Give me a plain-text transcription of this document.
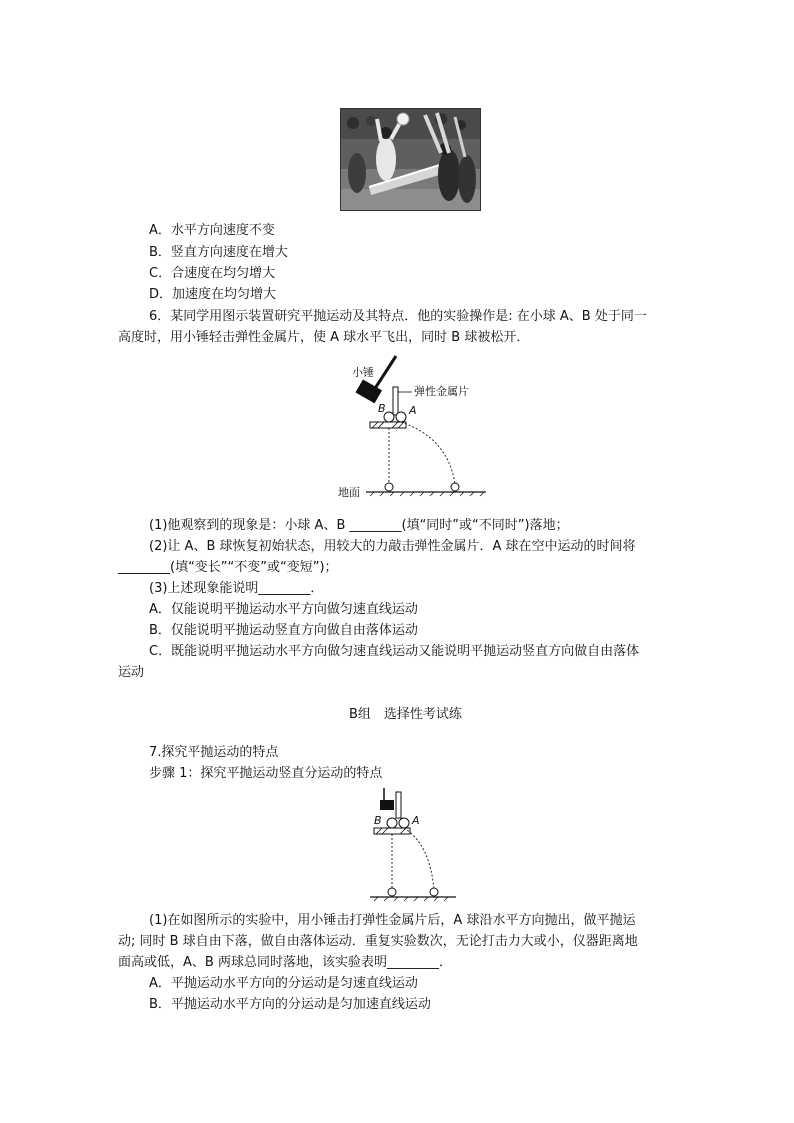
A．水平方向速度不变
B．竖直方向速度在增大
C．合速度在均匀增大
D．加速度在均匀增大
6．某同学用图示装置研究平抛运动及其特点．他的实验操作是: 在小球 A、B 处于同一
高度时，用小锤轻击弹性金属片，使 A 球水平飞出，同时 B 球被松开．
小锤
弹性金属片
B A
地面
(1)他观察到的现象是：小球 A、B ________(填“同时”或“不同时”)落地；
(2)让 A、B 球恢复初始状态，用较大的力敲击弹性金属片．A 球在空中运动的时间将
________(填“变长”“不变”或“变短”)；
(3)上述现象能说明________．
A．仅能说明平抛运动水平方向做匀速直线运动
B．仅能说明平抛运动竖直方向做自由落体运动
C．既能说明平抛运动水平方向做匀速直线运动又能说明平抛运动竖直方向做自由落体
运动
B组　选择性考试练
7.探究平抛运动的特点
步骤 1：探究平抛运动竖直分运动的特点
B	A
(1)在如图所示的实验中，用小锤击打弹性金属片后，A 球沿水平方向抛出，做平抛运
动; 同时 B 球自由下落，做自由落体运动．重复实验数次，无论打击力大或小，仪器距离地
面高或低，A、B 两球总同时落地，该实验表明________．
A．平抛运动水平方向的分运动是匀速直线运动
B．平抛运动水平方向的分运动是匀加速直线运动
